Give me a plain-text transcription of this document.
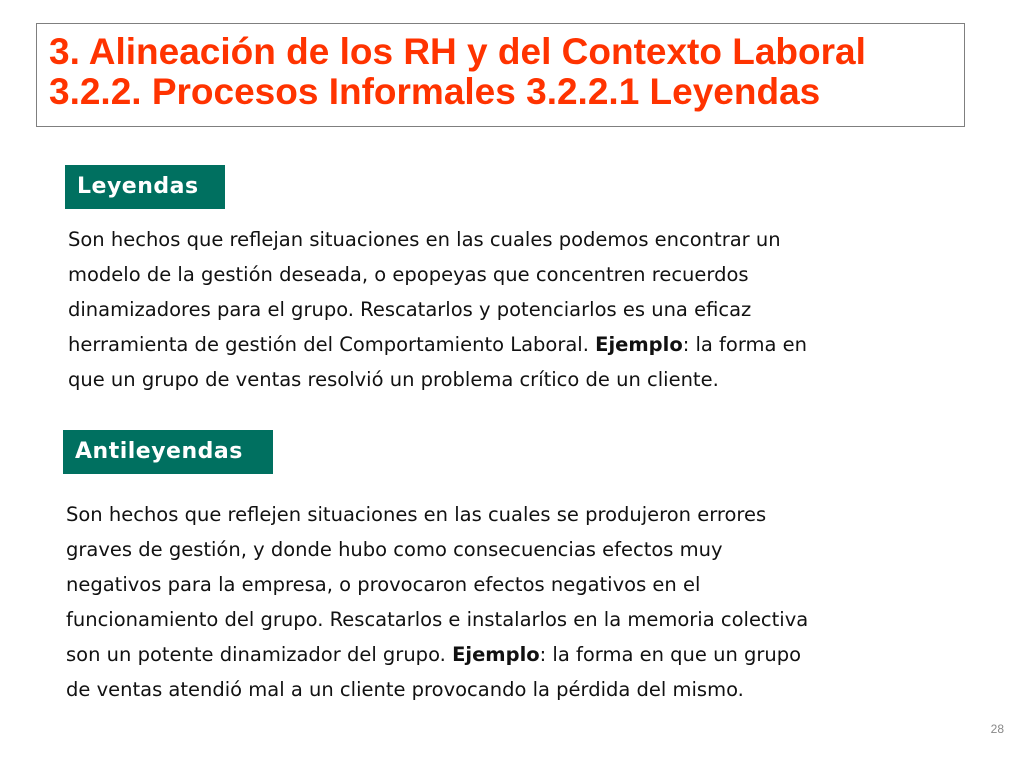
3. Alineación de los RH y del Contexto Laboral
3.2.2. Procesos Informales 3.2.2.1 Leyendas
Leyendas
Son hechos que reflejan situaciones en las cuales podemos encontrar un
modelo de la gestión deseada, o epopeyas que concentren recuerdos
dinamizadores para el grupo. Rescatarlos y potenciarlos es una eficaz
herramienta de gestión del Comportamiento Laboral. Ejemplo: la forma en
que un grupo de ventas resolvió un problema crítico de un cliente.
Antileyendas
Son hechos que reflejen situaciones en las cuales se produjeron errores
graves de gestión, y donde hubo como consecuencias efectos muy
negativos para la empresa, o provocaron efectos negativos en el
funcionamiento del grupo. Rescatarlos e instalarlos en la memoria colectiva
son un potente dinamizador del grupo. Ejemplo: la forma en que un grupo
de ventas atendió mal a un cliente provocando la pérdida del mismo.
28
